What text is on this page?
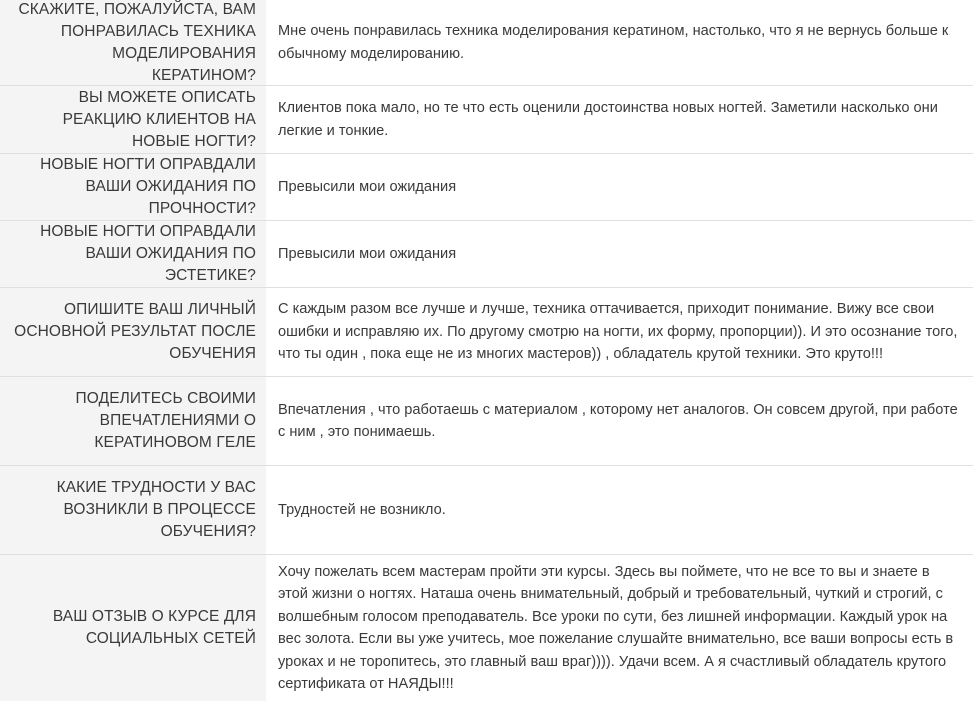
СКАЖИТЕ, ПОЖАЛУЙСТА, ВАМ ПОНРАВИЛАСЬ ТЕХНИКА МОДЕЛИРОВАНИЯ КЕРАТИНОМ?
Мне очень понравилась техника моделирования кератином, настолько, что я не вернусь больше к обычному моделированию.
ВЫ МОЖЕТЕ ОПИСАТЬ РЕАКЦИЮ КЛИЕНТОВ НА НОВЫЕ НОГТИ?
Клиентов пока мало, но те что есть оценили достоинства новых ногтей. Заметили насколько они легкие и тонкие.
НОВЫЕ НОГТИ ОПРАВДАЛИ ВАШИ ОЖИДАНИЯ ПО ПРОЧНОСТИ?
Превысили мои ожидания
НОВЫЕ НОГТИ ОПРАВДАЛИ ВАШИ ОЖИДАНИЯ ПО ЭСТЕТИКЕ?
Превысили мои ожидания
ОПИШИТЕ ВАШ ЛИЧНЫЙ ОСНОВНОЙ РЕЗУЛЬТАТ ПОСЛЕ ОБУЧЕНИЯ
С каждым разом все лучше и лучше, техника оттачивается, приходит понимание. Вижу все свои ошибки и исправляю их. По другому смотрю на ногти, их форму, пропорции)). И это осознание того, что ты один , пока еще не из многих мастеров)) , обладатель крутой техники. Это круто!!!
ПОДЕЛИТЕСЬ СВОИМИ ВПЕЧАТЛЕНИЯМИ О КЕРАТИНОВОМ ГЕЛЕ
Впечатления , что работаешь с материалом , которому нет аналогов. Он совсем другой, при работе с ним , это понимаешь.
КАКИЕ ТРУДНОСТИ У ВАС ВОЗНИКЛИ В ПРОЦЕССЕ ОБУЧЕНИЯ?
Трудностей не возникло.
ВАШ ОТЗЫВ О КУРСЕ ДЛЯ СОЦИАЛЬНЫХ СЕТЕЙ
Хочу пожелать всем мастерам пройти эти курсы. Здесь вы поймете, что не все то вы и знаете в этой жизни о ногтях. Наташа очень внимательный, добрый и требовательный, чуткий и строгий, с волшебным голосом преподаватель. Все уроки по сути, без лишней информации. Каждый урок на вес золота. Если вы уже учитесь, мое пожелание слушайте внимательно, все ваши вопросы есть в уроках и не торопитесь, это главный ваш враг)))). Удачи всем. А я счастливый обладатель крутого сертификата от НАЯДЫ!!!
